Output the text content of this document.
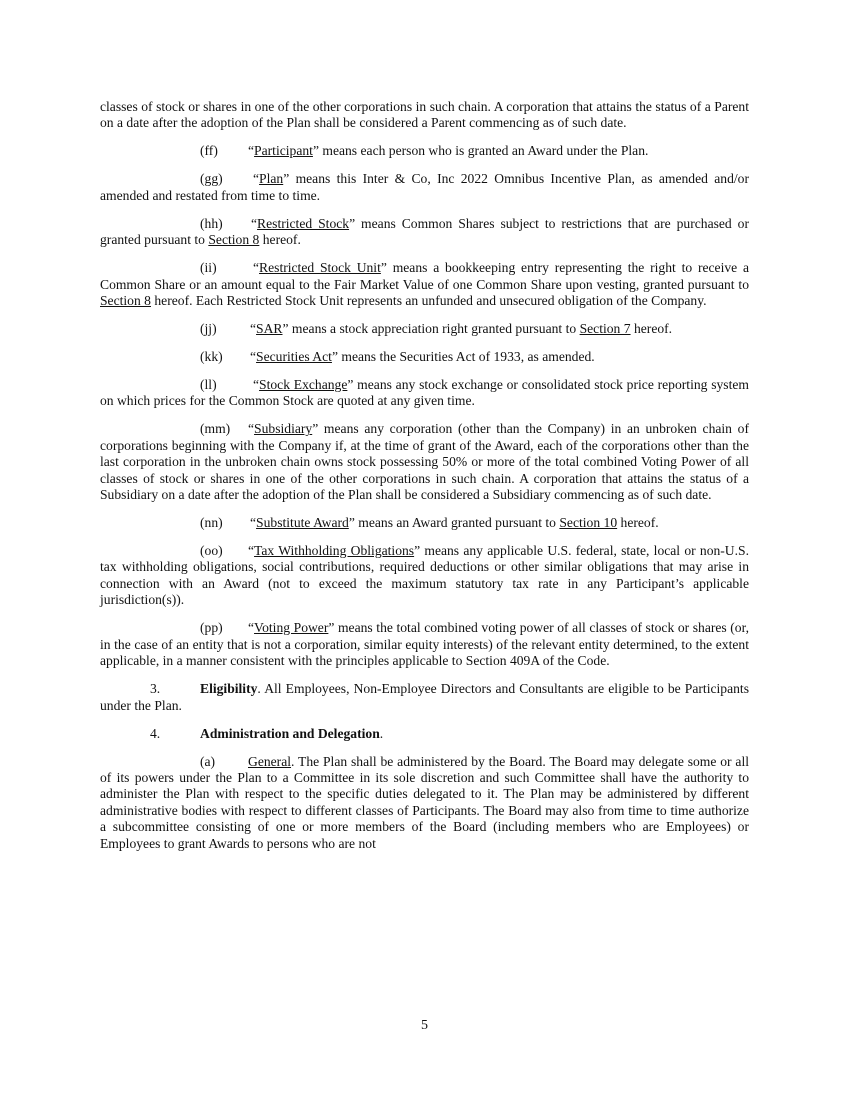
classes of stock or shares in one of the other corporations in such chain. A corporation that attains the status of a Parent on a date after the adoption of the Plan shall be considered a Parent commencing as of such date.

(ff) “Participant” means each person who is granted an Award under the Plan.

(gg) “Plan” means this Inter & Co, Inc 2022 Omnibus Incentive Plan, as amended and/or amended and restated from time to time.

(hh) “Restricted Stock” means Common Shares subject to restrictions that are purchased or granted pursuant to Section 8 hereof.

(ii)	“Restricted Stock Unit” means a bookkeeping entry representing the right to receive a Common Share or an amount equal to the Fair Market Value of one Common Share upon vesting, granted pursuant to Section 8 hereof. Each Restricted Stock Unit represents an unfunded and unsecured obligation of the Company.

(jj) “SAR” means a stock appreciation right granted pursuant to Section 7 hereof.

(kk) “Securities Act” means the Securities Act of 1933, as amended.

(ll)	“Stock Exchange” means any stock exchange or consolidated stock price reporting system on which prices for the Common Stock are quoted at any given time.

(mm) “Subsidiary” means any corporation (other than the Company) in an unbroken chain of corporations beginning with the Company if, at the time of grant of the Award, each of the corporations other than the last corporation in the unbroken chain owns stock possessing 50% or more of the total combined Voting Power of all classes of stock or shares in one of the other corporations in such chain. A corporation that attains the status of a Subsidiary on a date after the adoption of the Plan shall be considered a Subsidiary commencing as of such date.

(nn) “Substitute Award” means an Award granted pursuant to Section 10 hereof.

(oo) “Tax Withholding Obligations” means any applicable U.S. federal, state, local or non-U.S. tax withholding obligations, social contributions, required deductions or other similar obligations that may arise in connection with an Award (not to exceed the maximum statutory tax rate in any Participant’s applicable jurisdiction(s)).

(pp) “Voting Power” means the total combined voting power of all classes of stock or shares (or, in the case of an entity that is not a corporation, similar equity interests) of the relevant entity determined, to the extent applicable, in a manner consistent with the principles applicable to Section 409A of the Code.

3.	Eligibility. All Employees, Non-Employee Directors and Consultants are eligible to be Participants under the Plan.

4.	Administration and Delegation.

(a) General. The Plan shall be administered by the Board. The Board may delegate some or all of its powers under the Plan to a Committee in its sole discretion and such Committee shall have the authority to administer the Plan with respect to the specific duties delegated to it. The Plan may be administered by different administrative bodies with respect to different classes of Participants. The Board may also from time to time authorize a subcommittee consisting of one or more members of the Board (including members who are Employees) or Employees to grant Awards to persons who are not

5
